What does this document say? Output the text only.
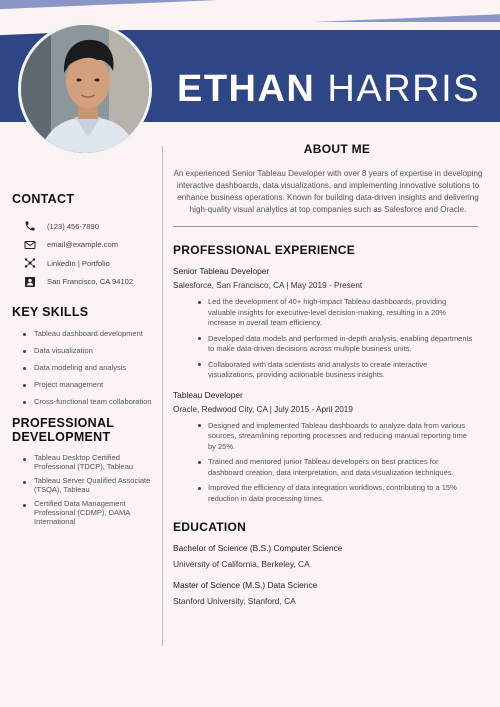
ETHAN HARRIS
CONTACT
(123) 456-7890
email@example.com
LinkedIn | Portfolio
San Francisco, CA 94102
KEY SKILLS
Tableau dashboard development
Data visualization
Data modeling and analysis
Project management
Cross-functional team collaboration
PROFESSIONAL
DEVELOPMENT
Tableau Desktop Certified Professional (TDCP), Tableau
Tableau Server Qualified Associate (TSQA), Tableau
Certified Data Management Professional (CDMP), DAMA International
ABOUT ME

An experienced Senior Tableau Developer with over 8 years of expertise in developing interactive dashboards, data visualizations, and implementing innovative solutions to enhance business operations. Known for building data-driven insights and delivering high-quality visual analytics at top companies such as Salesforce and Oracle.

PROFESSIONAL EXPERIENCE
Senior Tableau Developer
Salesforce, San Francisco, CA | May 2019 - Present
Led the development of 40+ high-impact Tableau dashboards, providing valuable insights for executive-level decision-making, resulting in a 20% increase in overall team efficiency.
Developed data models and performed in-depth analysis, enabling departments to make data-driven decisions across multiple business units.
Collaborated with data scientists and analysts to create interactive visualizations, providing actionable business insights.
Tableau Developer
Oracle, Redwood City, CA | July 2015 - April 2019
Designed and implemented Tableau dashboards to analyze data from various sources, streamlining reporting processes and reducing manual reporting time by 25%.
Trained and mentored junior Tableau developers on best practices for dashboard creation, data interpretation, and data visualization techniques.
Improved the efficiency of data integration workflows, contributing to a 15% reduction in data processing times.
EDUCATION
Bachelor of Science (B.S.) Computer Science
University of California, Berkeley, CA
Master of Science (M.S.) Data Science
Stanford University, Stanford, CA
